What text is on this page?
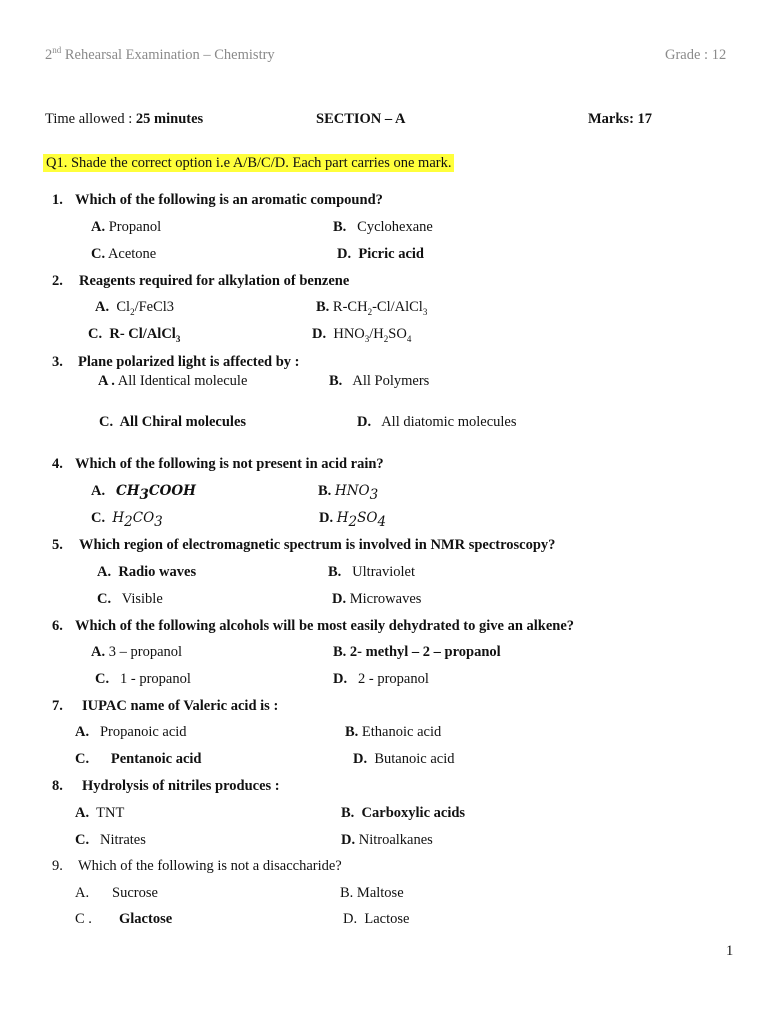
2nd Rehearsal Examination – Chemistry	Grade : 12
Time allowed : 25 minutes	SECTION – A	Marks: 17
Q1. Shade the correct option i.e A/B/C/D. Each part carries one mark.
1. Which of the following is an aromatic compound?
A. Propanol	B. Cyclohexane
C. Acetone	D. Picric acid
2. Reagents required for alkylation of benzene
A. $Cl_2/FeCl3$	B. $R-CH_2-Cl/AlCl_3$
C. R- Cl/AlCl$_3$	D. $HNO_3/H_2SO_4$
3. Plane polarized light is affected by :
A . All Identical molecule	B. All Polymers
C. All Chiral molecules	D. All diatomic molecules
4. Which of the following is not present in acid rain?
A. $CH_3COOH$	B. $HNO_3$
C. $H_2CO_3$	D. $H_2SO_4$
5. Which region of electromagnetic spectrum is involved in NMR spectroscopy?
A. Radio waves	B. Ultraviolet
C. Visible	D. Microwaves
6. Which of the following alcohols will be most easily dehydrated to give an alkene?
A. 3 – propanol	B. 2- methyl – 2 – propanol
C. 1 - propanol	D. 2 - propanol
7. IUPAC name of Valeric acid is :
A. Propanoic acid	B. Ethanoic acid
C. Pentanoic acid	D. Butanoic acid
8. Hydrolysis of nitriles produces :
A. TNT	B. Carboxylic acids
C. Nitrates	D. Nitroalkanes
9. Which of the following is not a disaccharide?
A. Sucrose	B. Maltose
C . Glactose	D. Lactose
1
